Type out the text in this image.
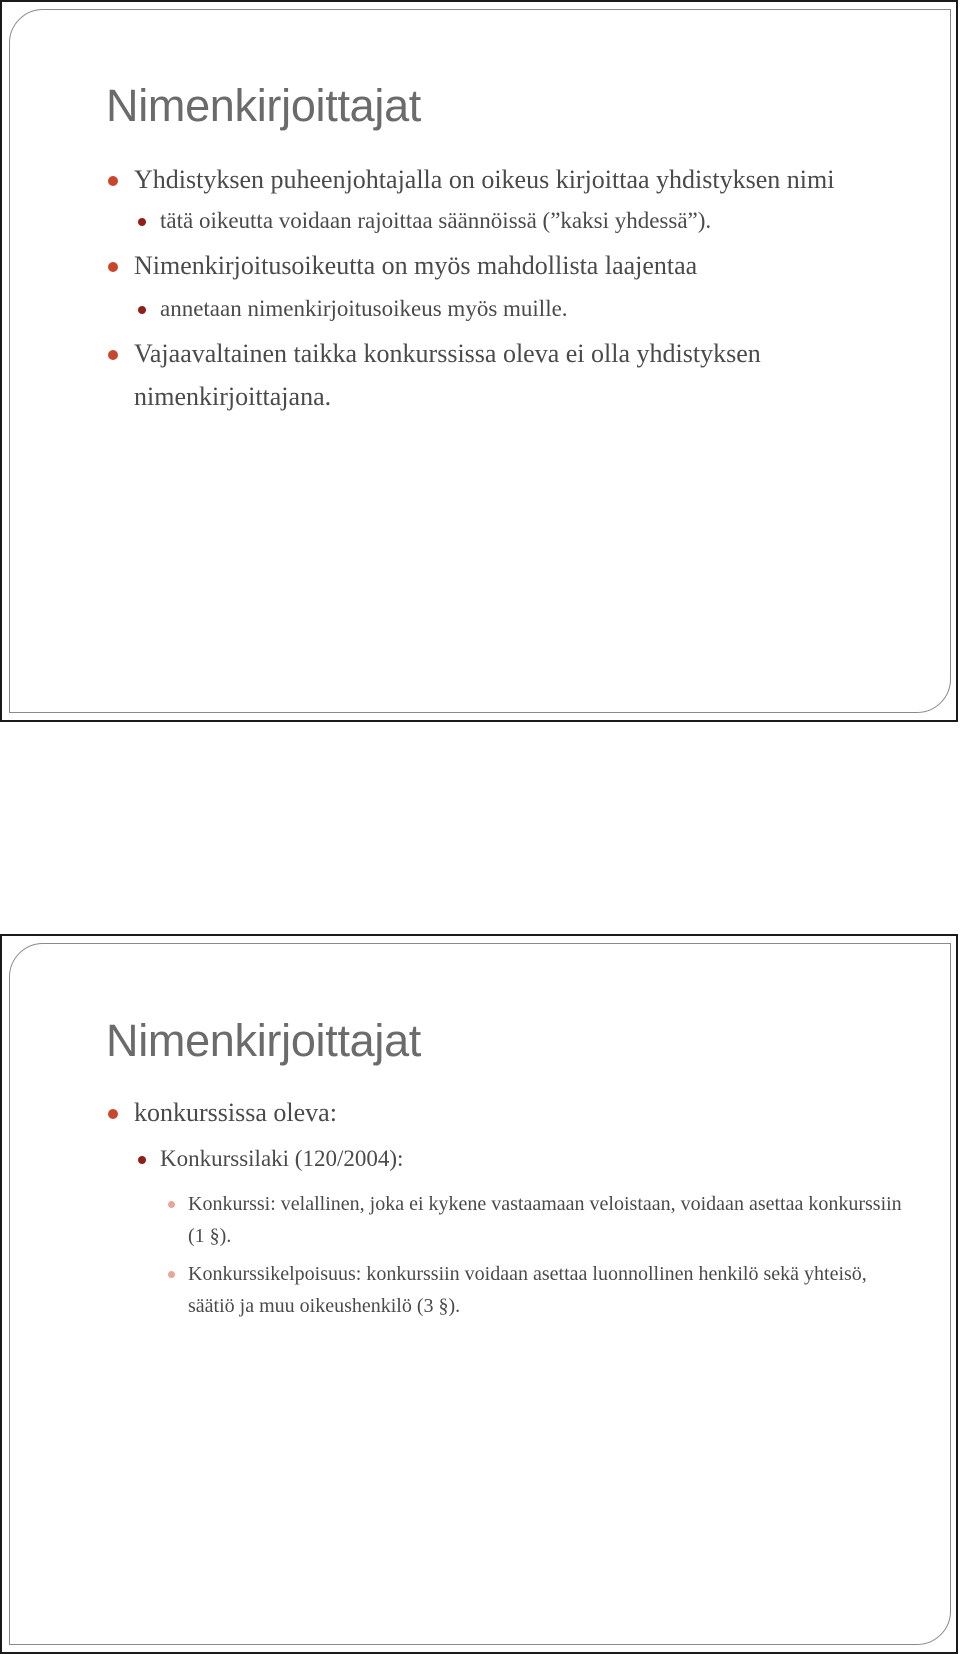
Nimenkirjoittajat
Yhdistyksen puheenjohtajalla on oikeus kirjoittaa yhdistyksen nimi
tätä oikeutta voidaan rajoittaa säännöissä (”kaksi yhdessä”).
Nimenkirjoitusoikeutta on myös mahdollista laajentaa
annetaan nimenkirjoitusoikeus myös muille.
Vajaavaltainen taikka konkurssissa oleva ei olla yhdistyksen nimenkirjoittajana.
Nimenkirjoittajat
konkurssissa oleva:
Konkurssilaki (120/2004):
Konkurssi: velallinen, joka ei kykene vastaamaan veloistaan, voidaan asettaa konkurssiin (1 §).
Konkurssikelpoisuus: konkurssiin voidaan asettaa luonnollinen henkilö sekä yhteisö, säätiö ja muu oikeushenkilö (3 §).
